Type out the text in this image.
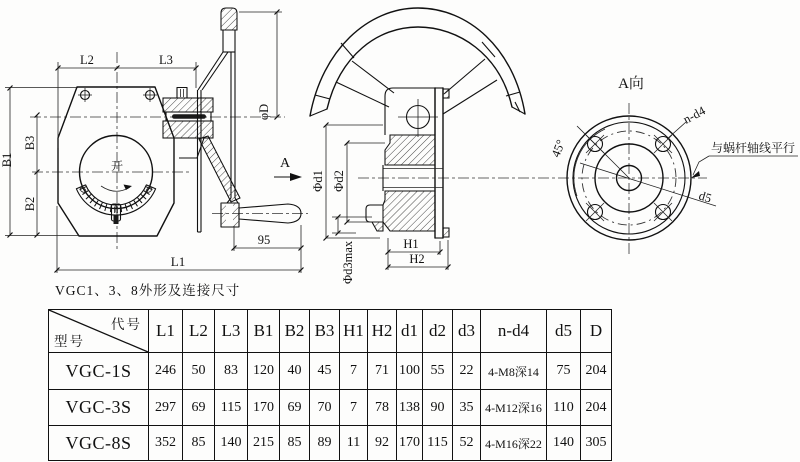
开
L2	L3
B1
B3
B2
L1
95
φD
A
Φd1 Φd2
Φd3max	H1
H2
A向
45°
d5
n-d4
与蜗杆轴线平行
VGC1、3、8外形及连接尺寸
代号
型号	L1	L2	L3	B1	B2	B3	H1	H2	d1	d2	d3	n-d4	d5	D
VGC-1S	246	50	83	120	40	45	7	71	100	55	22	4-M8深14	75	204
VGC-3S	297	69	115	170	69	70	7	78	138	90	35	4-M12深16	110	204
VGC-8S	352	85	140	215	85	89	11	92	170	115	52	4-M16深22	140	305
